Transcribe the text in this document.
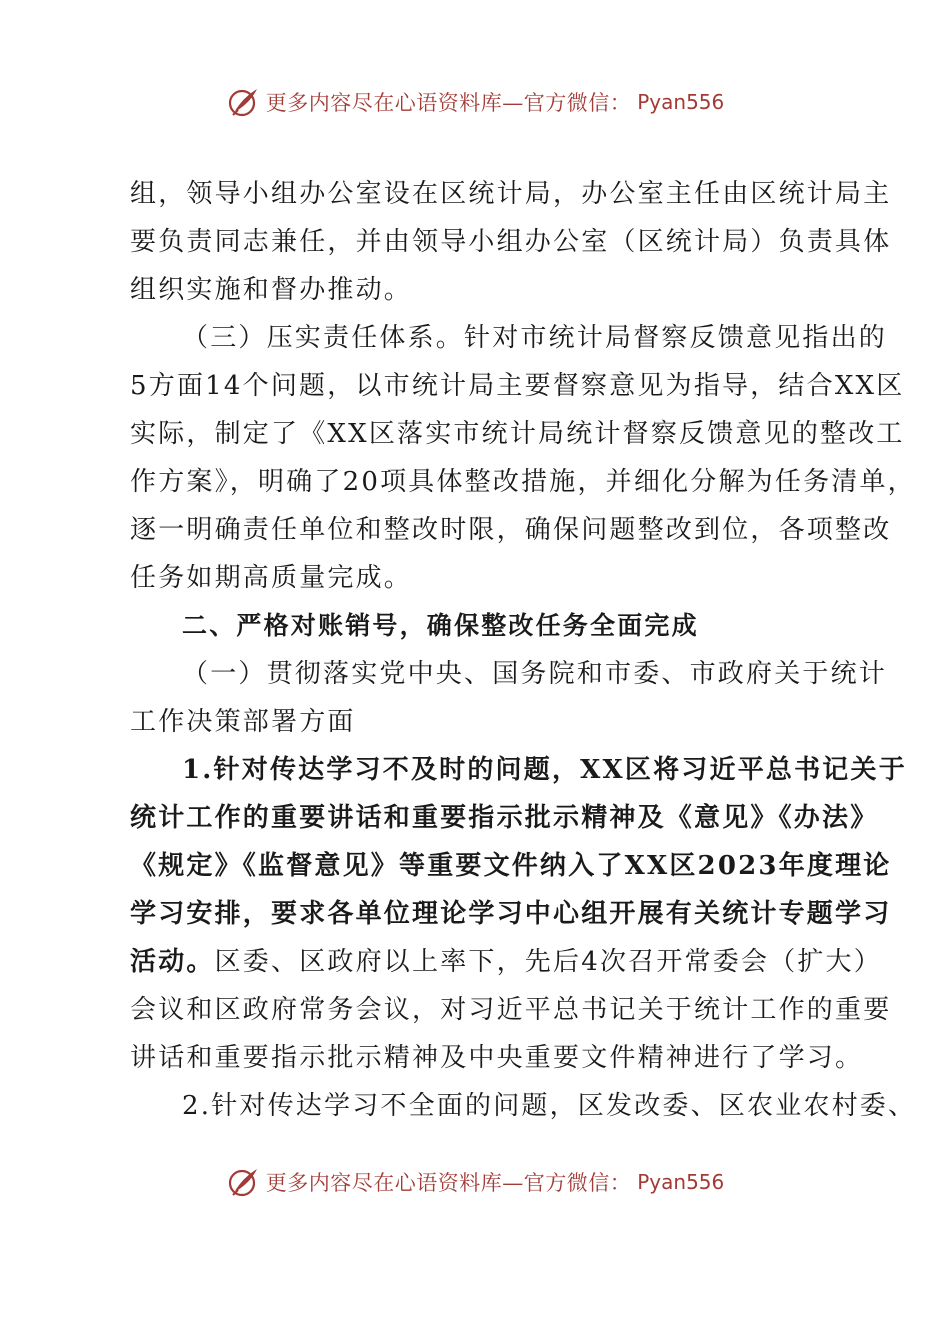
更多内容尽在心语资料库—官方微信： Pyan556
组，领导小组办公室设在区统计局，办公室主任由区统计局主
要负责同志兼任，并由领导小组办公室（区统计局）负责具体
组织实施和督办推动。
（三）压实责任体系。针对市统计局督察反馈意见指出的
5方面14个问题，以市统计局主要督察意见为指导，结合XX区
实际，制定了《XX区落实市统计局统计督察反馈意见的整改工
作方案》，明确了20项具体整改措施，并细化分解为任务清单，
逐一明确责任单位和整改时限，确保问题整改到位，各项整改
任务如期高质量完成。
二、严格对账销号，确保整改任务全面完成
（一）贯彻落实党中央、国务院和市委、市政府关于统计
工作决策部署方面
1.针对传达学习不及时的问题，XX区将习近平总书记关于
统计工作的重要讲话和重要指示批示精神及《意见》《办法》
《规定》《监督意见》等重要文件纳入了XX区2023年度理论
学习安排，要求各单位理论学习中心组开展有关统计专题学习
活动。区委、区政府以上率下，先后4次召开常委会（扩大）
会议和区政府常务会议，对习近平总书记关于统计工作的重要
讲话和重要指示批示精神及中央重要文件精神进行了学习。
2.针对传达学习不全面的问题，区发改委、区农业农村委、
更多内容尽在心语资料库—官方微信： Pyan556
